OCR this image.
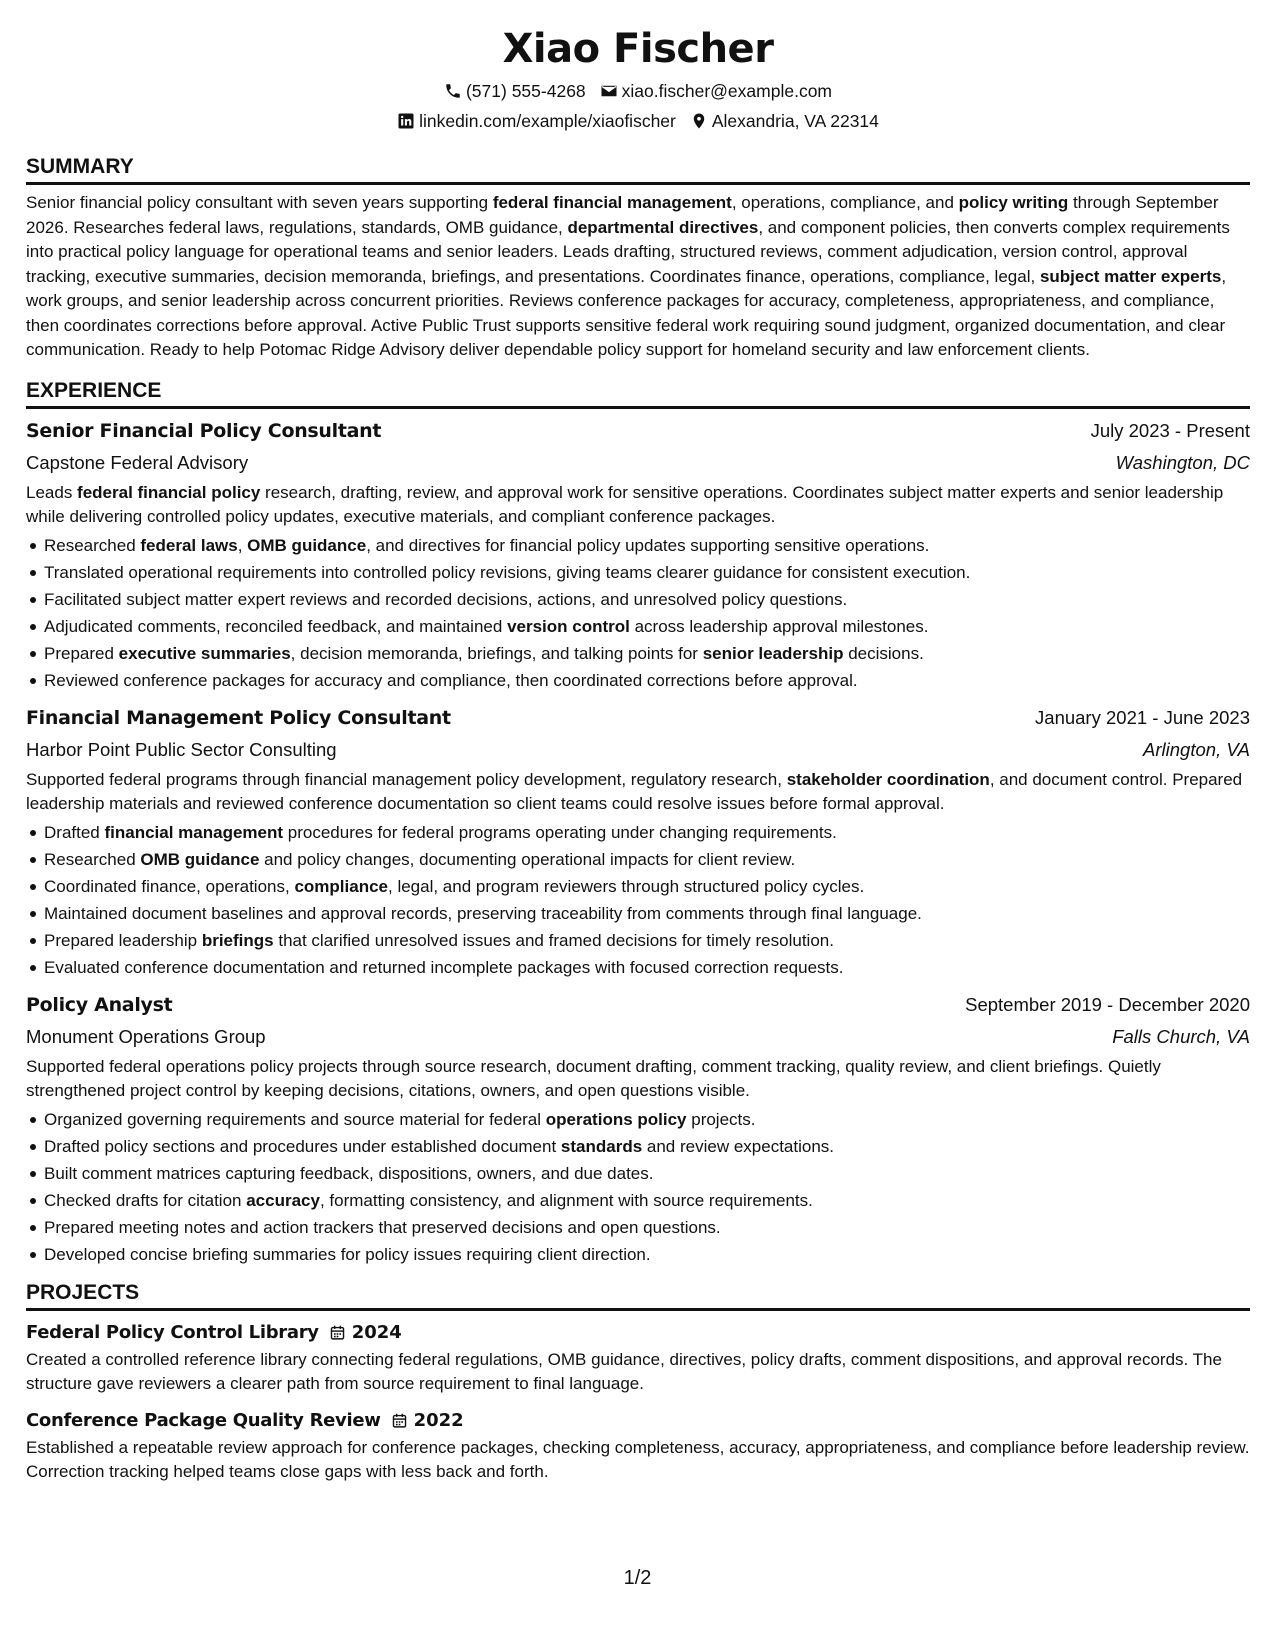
Xiao Fischer
(571) 555-4268 xiao.fischer@example.com
linkedin.com/example/xiaofischer Alexandria, VA 22314
SUMMARY

Senior financial policy consultant with seven years supporting federal financial management, operations, compliance, and policy writing through September 2026. Researches federal laws, regulations, standards, OMB guidance, departmental directives, and component policies, then converts complex requirements into practical policy language for operational teams and senior leaders. Leads drafting, structured reviews, comment adjudication, version control, approval tracking, executive summaries, decision memoranda, briefings, and presentations. Coordinates finance, operations, compliance, legal, subject matter experts, work groups, and senior leadership across concurrent priorities. Reviews conference packages for accuracy, completeness, appropriateness, and compliance, then coordinates corrections before approval. Active Public Trust supports sensitive federal work requiring sound judgment, organized documentation, and clear communication. Ready to help Potomac Ridge Advisory deliver dependable policy support for homeland security and law enforcement clients.

EXPERIENCE
Senior Financial Policy Consultant	July 2023 - Present
Capstone Federal Advisory	Washington, DC

Leads federal financial policy research, drafting, review, and approval work for sensitive operations. Coordinates subject matter experts and senior leadership while delivering controlled policy updates, executive materials, and compliant conference packages.

Researched federal laws, OMB guidance, and directives for financial policy updates supporting sensitive operations.
Translated operational requirements into controlled policy revisions, giving teams clearer guidance for consistent execution.
Facilitated subject matter expert reviews and recorded decisions, actions, and unresolved policy questions.
Adjudicated comments, reconciled feedback, and maintained version control across leadership approval milestones.
Prepared executive summaries, decision memoranda, briefings, and talking points for senior leadership decisions.
Reviewed conference packages for accuracy and compliance, then coordinated corrections before approval.
Financial Management Policy Consultant	January 2021 - June 2023
Harbor Point Public Sector Consulting	Arlington, VA

Supported federal programs through financial management policy development, regulatory research, stakeholder coordination, and document control. Prepared leadership materials and reviewed conference documentation so client teams could resolve issues before formal approval.

Drafted financial management procedures for federal programs operating under changing requirements.
Researched OMB guidance and policy changes, documenting operational impacts for client review.
Coordinated finance, operations, compliance, legal, and program reviewers through structured policy cycles.
Maintained document baselines and approval records, preserving traceability from comments through final language.
Prepared leadership briefings that clarified unresolved issues and framed decisions for timely resolution.
Evaluated conference documentation and returned incomplete packages with focused correction requests.
Policy Analyst	September 2019 - December 2020
Monument Operations Group	Falls Church, VA

Supported federal operations policy projects through source research, document drafting, comment tracking, quality review, and client briefings. Quietly strengthened project control by keeping decisions, citations, owners, and open questions visible.

Organized governing requirements and source material for federal operations policy projects.
Drafted policy sections and procedures under established document standards and review expectations.
Built comment matrices capturing feedback, dispositions, owners, and due dates.
Checked drafts for citation accuracy, formatting consistency, and alignment with source requirements.
Prepared meeting notes and action trackers that preserved decisions and open questions.
Developed concise briefing summaries for policy issues requiring client direction.
PROJECTS
Federal Policy Control Library 2024

Created a controlled reference library connecting federal regulations, OMB guidance, directives, policy drafts, comment dispositions, and approval records. The structure gave reviewers a clearer path from source requirement to final language.

Conference Package Quality Review 2022

Established a repeatable review approach for conference packages, checking completeness, accuracy, appropriateness, and compliance before leadership review. Correction tracking helped teams close gaps with less back and forth.

1/2
